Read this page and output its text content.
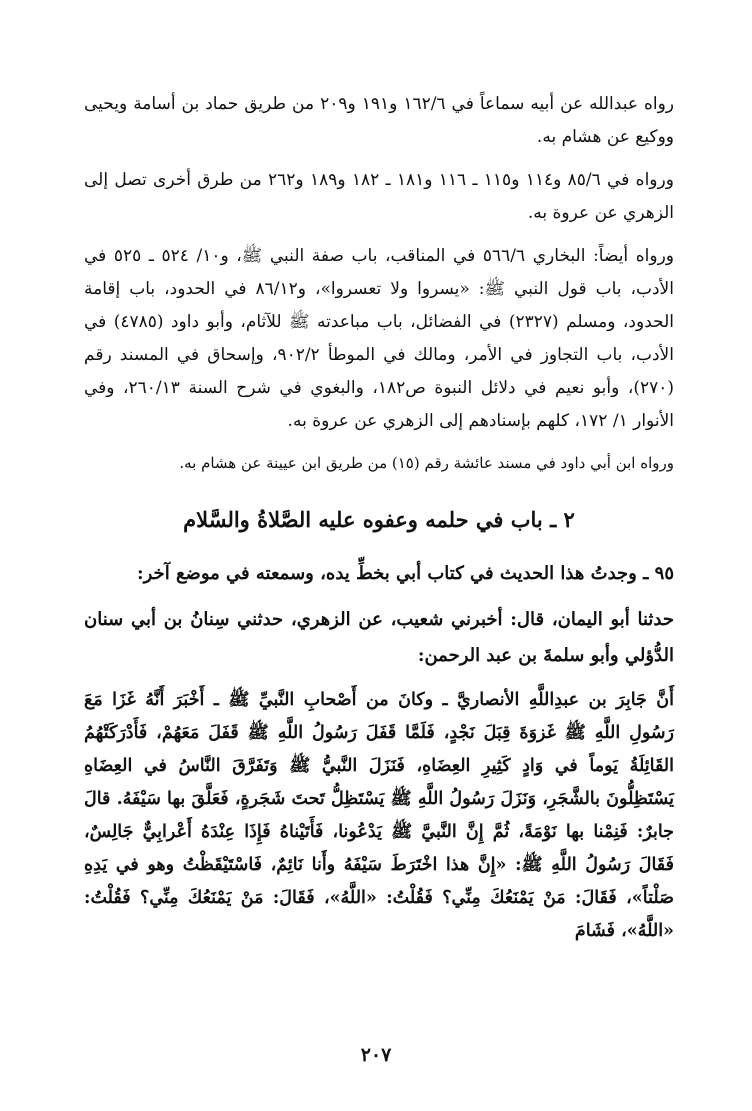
رواه عبدالله عن أبيه سماعاً في ١٦٢/٦ و١٩١ و٢٠٩ من طريق حماد بن أسامة ويحيى ووكيع عن هشام به.

ورواه في ٨٥/٦ و١١٤ و١١٥ ـ ١١٦ و١٨١ ـ ١٨٢ و١٨٩ و٢٦٢ من طرق أخرى تصل إلى الزهري عن عروة به.

ورواه أيضاً: البخاري ٥٦٦/٦ في المناقب، باب صفة النبي ﷺ، و١٠/ ٥٢٤ ـ ٥٢٥ في الأدب، باب قول النبي ﷺ: «يسروا ولا تعسروا»، و٨٦/١٢ في الحدود، باب إقامة الحدود، ومسلم (٢٣٢٧) في الفضائل، باب مباعدته ﷺ للآثام، وأبو داود (٤٧٨٥) في الأدب، باب التجاوز في الأمر، ومالك في الموطأ ٩٠٢/٢، وإسحاق في المسند رقم (٢٧٠)، وأبو نعيم في دلائل النبوة ص١٨٢، والبغوي في شرح السنة ٢٦٠/١٣، وفي الأنوار ١/ ١٧٢، كلهم بإسنادهم إلى الزهري عن عروة به.

ورواه ابن أبي داود في مسند عائشة رقم (١٥) من طريق ابن عيينة عن هشام به.

٢ ـ باب في حلمه وعفوه عليه الصَّلاةُ والسَّلام

٩٥ ـ وجدتُ هذا الحديث في كتاب أبي بخطِّ يده، وسمعته في موضع آخر:

حدثنا أبو اليمان، قال: أخبرني شعيب، عن الزهري، حدثني سِنانُ بن أبي سنان الدُّؤلي وأبو سلمةَ بن عبد الرحمن:

أَنَّ جَابِرَ بن عبدِاللَّهِ الأنصاريَّ ـ وكانَ من أَصْحابِ النَّبيِّ ﷺ ـ أَخْبَرَ أَنَّهُ غَزَا مَعَ رَسُولِ اللَّهِ ﷺ غَزوَةَ قِبَلَ نَجْدٍ، فَلَمَّا قَفَلَ رَسُولُ اللَّهِ ﷺ قَفَلَ مَعَهُمْ، فَأَدْرَكَتْهُمُ القَائِلَةُ يَوماً في وَادٍ كَثِيرِ العِضَاهِ، فَنَزَلَ النَّبيُّ ﷺ وَتَفَرَّقَ النَّاسُ في العِضَاهِ يَسْتَظِلُّونَ بالشَّجَرِ، وَنَزَلَ رَسُولُ اللَّهِ ﷺ يَسْتَظِلُّ تَحتَ شَجَرةٍ، فَعَلَّقَ بها سَيْفَهُ. قالَ جابرٌ: فَنِمْنا بها نَوْمَةً، ثُمَّ إِنَّ النَّبيَّ ﷺ يَدْعُونا، فَأَتَيْناهُ فَإِذَا عِنْدَهُ أَعْرابِيٌّ جَالِسٌ، فَقَالَ رَسُولُ اللَّهِ ﷺ: «إِنَّ هذا اخْتَرَطَ سَيْفَهُ وأَنا نَائِمٌ، فَاسْتَيْقَظْتُ وهو في يَدِهِ صَلْتاً»، فَقَالَ: مَنْ يَمْنَعُكَ مِنِّي؟ فَقُلْتُ: «اللَّهُ»، فَقَالَ: مَنْ يَمْنَعُكَ مِنِّي؟ فَقُلْتُ: «اللَّهُ»، فَشَامَ

٢٠٧
